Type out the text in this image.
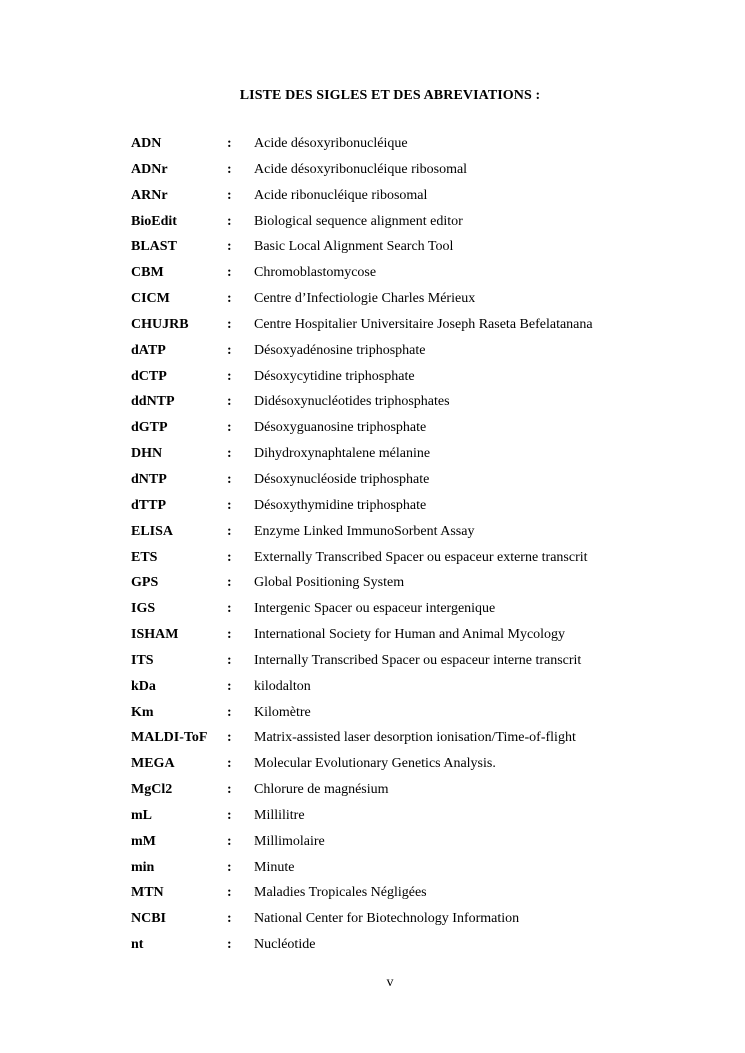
LISTE DES SIGLES ET DES ABREVIATIONS :
ADN	: Acide désoxyribonucléique
ADNr	: Acide désoxyribonucléique ribosomal
ARNr	: Acide ribonucléique ribosomal
BioEdit	: Biological sequence alignment editor
BLAST	: Basic Local Alignment Search Tool
CBM	: Chromoblastomycose
CICM	: Centre d’Infectiologie Charles Mérieux
CHUJRB	: Centre Hospitalier Universitaire Joseph Raseta Befelatanana
dATP	: Désoxyadénosine triphosphate
dCTP	: Désoxycytidine triphosphate
ddNTP	: Didésoxynucléotides triphosphates
dGTP	: Désoxyguanosine triphosphate
DHN	: Dihydroxynaphtalene mélanine
dNTP	: Désoxynucléoside triphosphate
dTTP	: Désoxythymidine triphosphate
ELISA	: Enzyme Linked ImmunoSorbent Assay
ETS	: Externally Transcribed Spacer ou espaceur externe transcrit
GPS	: Global Positioning System
IGS	: Intergenic Spacer ou espaceur intergenique
ISHAM	: International Society for Human and Animal Mycology
ITS	: Internally Transcribed Spacer ou espaceur interne transcrit
kDa	: kilodalton
Km	: Kilomètre
MALDI-ToF : Matrix-assisted laser desorption ionisation/Time-of-flight
MEGA	: Molecular Evolutionary Genetics Analysis.
MgCl2	: Chlorure de magnésium
mL	: Millilitre
mM	: Millimolaire
min	: Minute
MTN	: Maladies Tropicales Négligées
NCBI	: National Center for Biotechnology Information
nt	: Nucléotide
v
